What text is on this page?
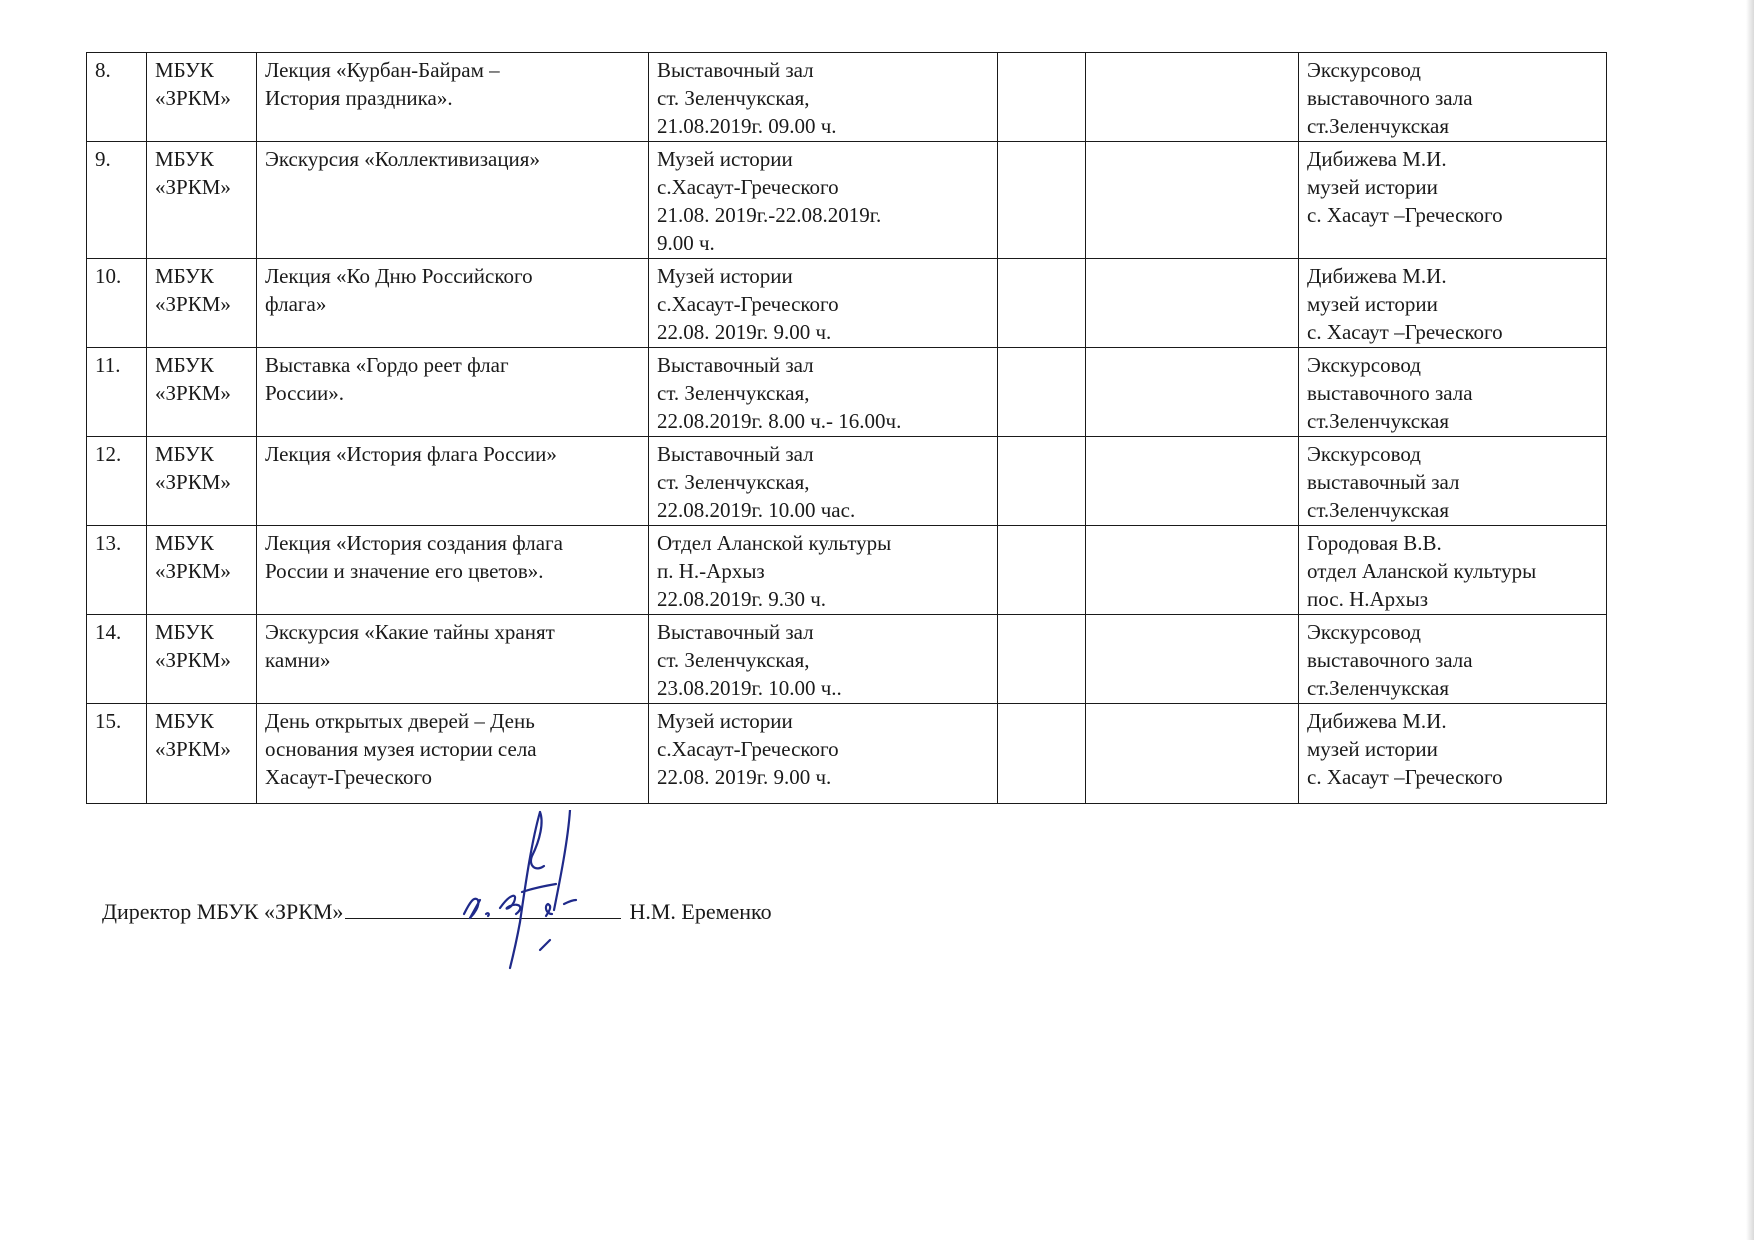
8.	МБУК
«ЗРКМ»	Лекция «Курбан-Байрам –
История праздника».	Выставочный зал
ст. Зеленчукская,
21.08.2019г. 09.00 ч.			Экскурсовод
выставочного зала
ст.Зеленчукская
9.	МБУК
«ЗРКМ»	Экскурсия «Коллективизация»	Музей истории
с.Хасаут-Греческого
21.08. 2019г.-22.08.2019г.
9.00 ч.			Дибижева М.И.
музей истории
с. Хасаут –Греческого
10.	МБУК
«ЗРКМ»	Лекция «Ко Дню Российского
флага»	Музей истории
с.Хасаут-Греческого
22.08. 2019г. 9.00 ч.			Дибижева М.И.
музей истории
с. Хасаут –Греческого
11.	МБУК
«ЗРКМ»	Выставка «Гордо реет флаг
России».	Выставочный зал
ст. Зеленчукская,
22.08.2019г. 8.00 ч.- 16.00ч.			Экскурсовод
выставочного зала
ст.Зеленчукская
12.	МБУК
«ЗРКМ»	Лекция «История флага России»	Выставочный зал
ст. Зеленчукская,
22.08.2019г. 10.00 час.			Экскурсовод
выставочный зал
ст.Зеленчукская
13.	МБУК
«ЗРКМ»	Лекция «История создания флага
России и значение его цветов».	Отдел Аланской культуры
п. Н.-Архыз
22.08.2019г. 9.30 ч.			Городовая В.В.
отдел Аланской культуры
пос. Н.Архыз
14.	МБУК
«ЗРКМ»	Экскурсия «Какие тайны хранят
камни»	Выставочный зал
ст. Зеленчукская,
23.08.2019г. 10.00 ч..			Экскурсовод
выставочного зала
ст.Зеленчукская
15.	МБУК
«ЗРКМ»	День открытых дверей – День
основания музея истории села
Хасаут-Греческого	Музей истории
с.Хасаут-Греческого
22.08. 2019г. 9.00 ч.			Дибижева М.И.
музей истории
с. Хасаут –Греческого
Директор МБУК «ЗРКМ»	Н.М. Еременко
